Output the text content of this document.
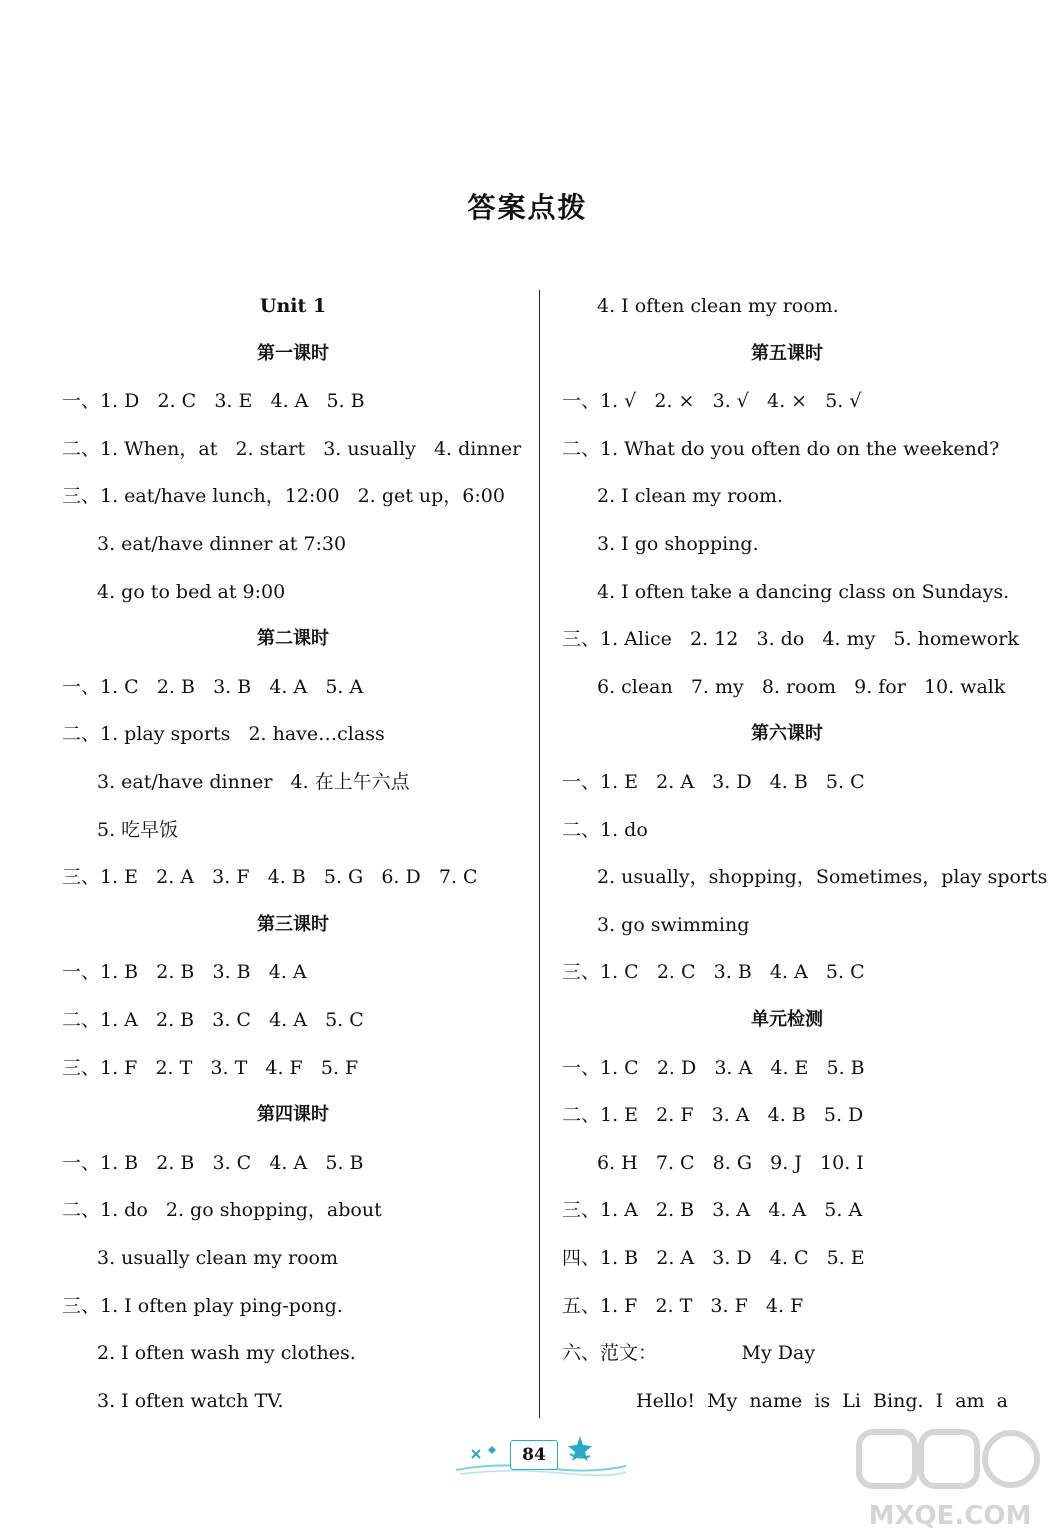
答案点拨
Unit 1
第一课时
一、1. D   2. C   3. E   4. A   5. B
二、1. When，at   2. start   3. usually   4. dinner
三、1. eat/have lunch，12:00   2. get up，6:00
3. eat/have dinner at 7:30
4. go to bed at 9:00
第二课时
一、1. C   2. B   3. B   4. A   5. A
二、1. play sports   2. have…class
3. eat/have dinner   4. 在上午六点
5. 吃早饭
三、1. E   2. A   3. F   4. B   5. G   6. D   7. C
第三课时
一、1. B   2. B   3. B   4. A
二、1. A   2. B   3. C   4. A   5. C
三、1. F   2. T   3. T   4. F   5. F
第四课时
一、1. B   2. B   3. C   4. A   5. B
二、1. do   2. go shopping，about
3. usually clean my room
三、1. I often play ping-pong.
2. I often wash my clothes.
3. I often watch TV.
4. I often clean my room.
第五课时
一、1. √   2. ×   3. √   4. ×   5. √
二、1. What do you often do on the weekend?
2. I clean my room.
3. I go shopping.
4. I often take a dancing class on Sundays.
三、1. Alice   2. 12   3. do   4. my   5. homework
6. clean   7. my   8. room   9. for   10. walk
第六课时
一、1. E   2. A   3. D   4. B   5. C
二、1. do
2. usually，shopping，Sometimes，play sports
3. go swimming
三、1. C   2. C   3. B   4. A   5. C
单元检测
一、1. C   2. D   3. A   4. E   5. B
二、1. E   2. F   3. A   4. B   5. D
6. H   7. C   8. G   9. J   10. I
三、1. A   2. B   3. A   4. A   5. A
四、1. B   2. A   3. D   4. C   5. E
五、1. F   2. T   3. F   4. F
六、范文：              My Day
Hello! My name is Li Bing. I am a
84
MXQE.COM
